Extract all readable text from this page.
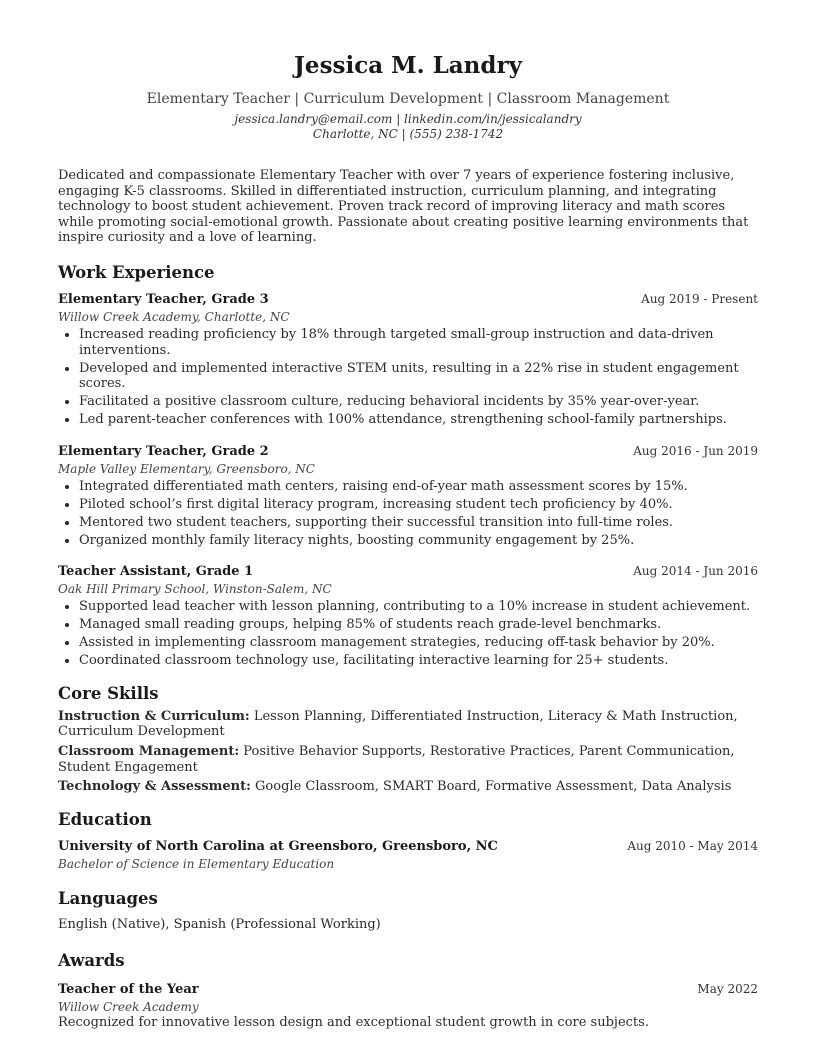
Jessica M. Landry
Elementary Teacher | Curriculum Development | Classroom Management
jessica.landry@email.com | linkedin.com/in/jessicalandry
Charlotte, NC | (555) 238-1742
Dedicated and compassionate Elementary Teacher with over 7 years of experience fostering inclusive, engaging K-5 classrooms. Skilled in differentiated instruction, curriculum planning, and integrating technology to boost student achievement. Proven track record of improving literacy and math scores while promoting social-emotional growth. Passionate about creating positive learning environments that inspire curiosity and a love of learning.
Work Experience
Elementary Teacher, Grade 3	Aug 2019 - Present
Willow Creek Academy, Charlotte, NC
• Increased reading proficiency by 18% through targeted small-group instruction and data-driven interventions.
• Developed and implemented interactive STEM units, resulting in a 22% rise in student engagement scores.
• Facilitated a positive classroom culture, reducing behavioral incidents by 35% year-over-year.
• Led parent-teacher conferences with 100% attendance, strengthening school-family partnerships.
Elementary Teacher, Grade 2	Aug 2016 - Jun 2019
Maple Valley Elementary, Greensboro, NC
• Integrated differentiated math centers, raising end-of-year math assessment scores by 15%.
• Piloted school’s first digital literacy program, increasing student tech proficiency by 40%.
• Mentored two student teachers, supporting their successful transition into full-time roles.
• Organized monthly family literacy nights, boosting community engagement by 25%.
Teacher Assistant, Grade 1	Aug 2014 - Jun 2016
Oak Hill Primary School, Winston-Salem, NC
• Supported lead teacher with lesson planning, contributing to a 10% increase in student achievement.
• Managed small reading groups, helping 85% of students reach grade-level benchmarks.
• Assisted in implementing classroom management strategies, reducing off-task behavior by 20%.
• Coordinated classroom technology use, facilitating interactive learning for 25+ students.
Core Skills
Instruction & Curriculum: Lesson Planning, Differentiated Instruction, Literacy & Math Instruction, Curriculum Development
Classroom Management: Positive Behavior Supports, Restorative Practices, Parent Communication, Student Engagement
Technology & Assessment: Google Classroom, SMART Board, Formative Assessment, Data Analysis
Education
University of North Carolina at Greensboro, Greensboro, NC	Aug 2010 - May 2014
Bachelor of Science in Elementary Education
Languages
English (Native), Spanish (Professional Working)
Awards
Teacher of the Year	May 2022
Willow Creek Academy
Recognized for innovative lesson design and exceptional student growth in core subjects.
